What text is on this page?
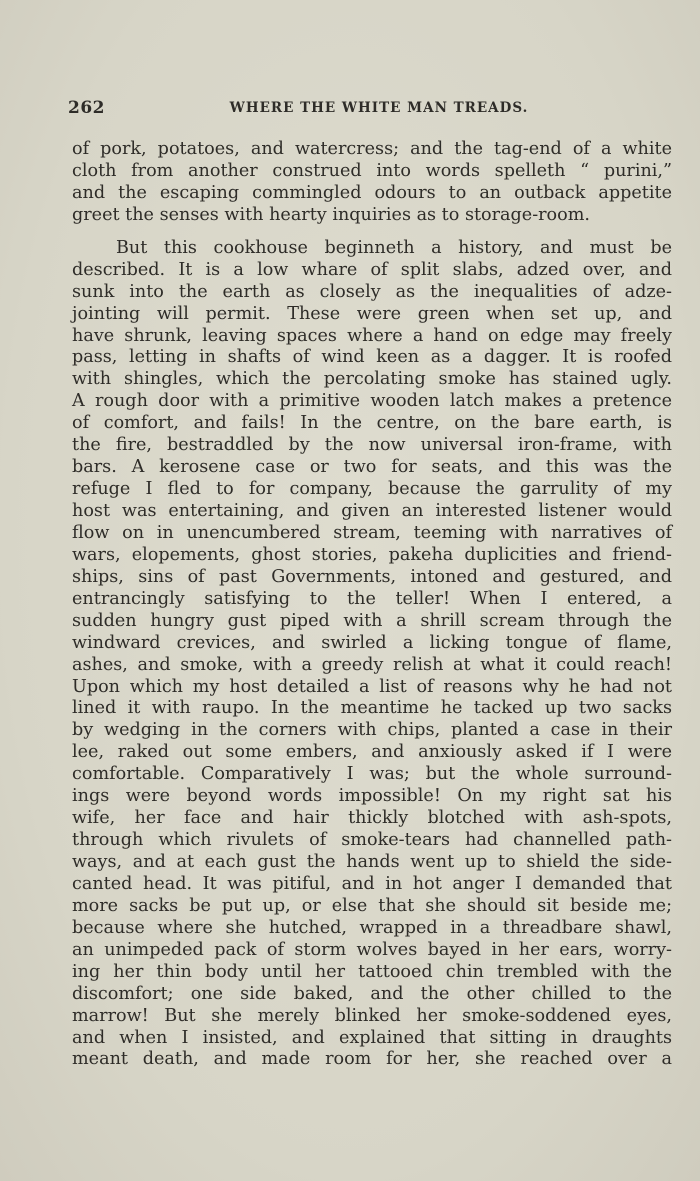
262	WHERE THE WHITE MAN TREADS.
of pork, potatoes, and watercress; and the tag-end of a white
cloth from another construed into words spelleth “ purini,”
and the escaping commingled odours to an outback appetite
greet the senses with hearty inquiries as to storage-room.
But this cookhouse beginneth a history, and must be
described. It is a low whare of split slabs, adzed over, and
sunk into the earth as closely as the inequalities of adze-
jointing will permit. These were green when set up, and
have shrunk, leaving spaces where a hand on edge may freely
pass, letting in shafts of wind keen as a dagger. It is roofed
with shingles, which the percolating smoke has stained ugly.
A rough door with a primitive wooden latch makes a pretence
of comfort, and fails! In the centre, on the bare earth, is
the fire, bestraddled by the now universal iron-frame, with
bars. A kerosene case or two for seats, and this was the
refuge I fled to for company, because the garrulity of my
host was entertaining, and given an interested listener would
flow on in unencumbered stream, teeming with narratives of
wars, elopements, ghost stories, pakeha duplicities and friend-
ships, sins of past Governments, intoned and gestured, and
entrancingly satisfying to the teller! When I entered, a
sudden hungry gust piped with a shrill scream through the
windward crevices, and swirled a licking tongue of flame,
ashes, and smoke, with a greedy relish at what it could reach!
Upon which my host detailed a list of reasons why he had not
lined it with raupo. In the meantime he tacked up two sacks
by wedging in the corners with chips, planted a case in their
lee, raked out some embers, and anxiously asked if I were
comfortable. Comparatively I was; but the whole surround-
ings were beyond words impossible! On my right sat his
wife, her face and hair thickly blotched with ash-spots,
through which rivulets of smoke-tears had channelled path-
ways, and at each gust the hands went up to shield the side-
canted head. It was pitiful, and in hot anger I demanded that
more sacks be put up, or else that she should sit beside me;
because where she hutched, wrapped in a threadbare shawl,
an unimpeded pack of storm wolves bayed in her ears, worry-
ing her thin body until her tattooed chin trembled with the
discomfort; one side baked, and the other chilled to the
marrow! But she merely blinked her smoke-soddened eyes,
and when I insisted, and explained that sitting in draughts
meant death, and made room for her, she reached over a
